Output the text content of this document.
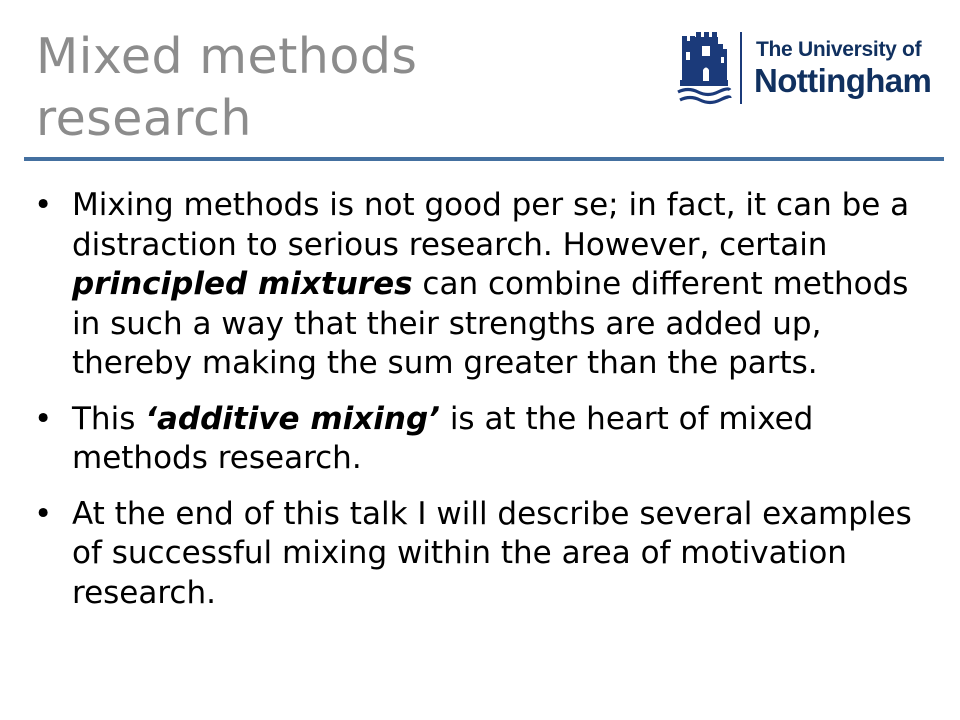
Mixed methods
research
The University of
Nottingham
• Mixing methods is not good per se; in fact, it can be a distraction to serious research. However, certain principled mixtures can combine different methods in such a way that their strengths are added up, thereby making the sum greater than the parts.
• This ‘additive mixing’ is at the heart of mixed methods research.
• At the end of this talk I will describe several examples of successful mixing within the area of motivation research.
